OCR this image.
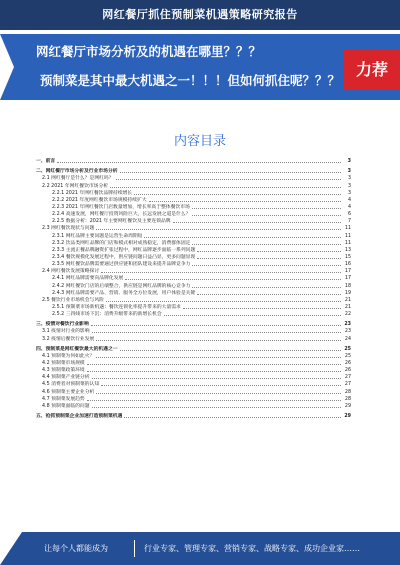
网红餐厅抓住预制菜机遇策略研究报告
网红餐厅市场分析及的机遇在哪里？？？
预制菜是其中最大机遇之一！！！但如何抓住呢？？？
力荐
内容目录
一、前言	3
二、网红餐厅市场分析及行业市场分析	3
2.1 网红餐厅是什么？是网红吗？	3
2.2 2021 年网红餐饮市场分析	3
2.2.1 2021 年网红餐饮品牌持续增长	3
2.2.2 2021 年度网红餐饮市场规模持续扩大	4
2.2.3 2021 年网红餐饮门店数量增加，增长率高于整体餐饮市场	4
2.2.4 高速发展，网红餐厅投资风险巨大，长远发展之道是什么？	6
2.2.5 数据分析：2021 年主要网红餐饮及主要连锁品牌	7
2.3 网红餐饮现状与问题	11
2.3.1 网红品牌主要问题是运营生命周期短	11
2.3.2 饮品类网红品牌的门店和模式相对成熟稳定，消费群体固定	11
2.3.3 主流正餐品牌融资扩张过程中，网红品牌逐步面临一系列问题	13
2.3.4 餐饮规模化发展过程中，供应链问题日益凸显，更多问题显现	15
2.3.5 网红餐饮品牌需要通过供应链和团队建设来提升品牌竞争力	16
2.4 网红餐饮发展策略探讨	17
2.4.1 网红品牌需要向品牌化发展	17
2.4.2 网红餐饮门店的后端整合，供应链是网红品牌的核心竞争力	18
2.4.3 网红品牌需要产品、营销、服务全方位发展，用户体验是关键	19
2.5 餐饮行业市场机会与风险	21
2.5.1 预制菜市场新机遇：餐饮连锁化率提升带来的大量需求	21
2.5.2 三四线市场下沉：消费升级带来的新增长机会	22
三、疫情对餐饮行业影响	23
3.1 疫情对行业的影响	23
3.2 疫情后餐饮行业发展	24
四、预制菜是网红餐饮最大的机遇之一	25
4.1 预制菜为何如此火？	25
4.2 预制菜市场规模	26
4.3 预制菜政策环境	26
4.4 预制菜产业链分析	27
4.5 消费者对预制菜的认知	27
4.6 预制菜主要企业分析	28
4.7 预制菜发展趋势	28
4.8 预制菜面临的问题	29
五、抢抓预制菜企业加速打造预制菜机遇	29
让每个人都能成为	行业专家、管理专家、营销专家、战略专家、成功企业家……
